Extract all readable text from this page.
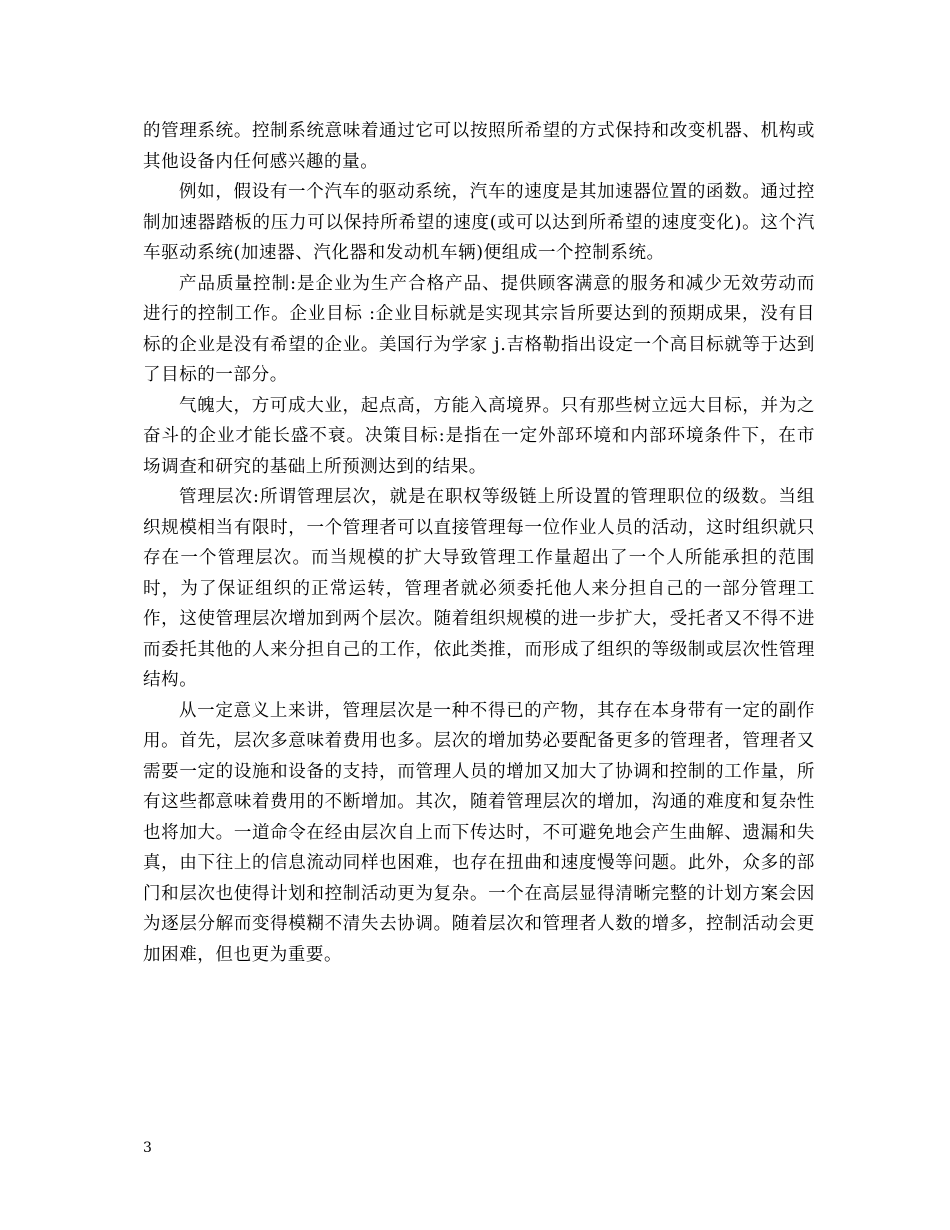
的管理系统。控制系统意味着通过它可以按照所希望的方式保持和改变机器、机构或其他设备内任何感兴趣的量。

例如，假设有一个汽车的驱动系统，汽车的速度是其加速器位置的函数。通过控制加速器踏板的压力可以保持所希望的速度(或可以达到所希望的速度变化)。这个汽车驱动系统(加速器、汽化器和发动机车辆)便组成一个控制系统。

产品质量控制:是企业为生产合格产品、提供顾客满意的服务和减少无效劳动而进行的控制工作。企业目标 :企业目标就是实现其宗旨所要达到的预期成果，没有目标的企业是没有希望的企业。美国行为学家 j.吉格勒指出设定一个高目标就等于达到了目标的一部分。

气魄大，方可成大业，起点高，方能入高境界。只有那些树立远大目标，并为之奋斗的企业才能长盛不衰。决策目标:是指在一定外部环境和内部环境条件下，在市场调查和研究的基础上所预测达到的结果。

管理层次:所谓管理层次，就是在职权等级链上所设置的管理职位的级数。当组织规模相当有限时，一个管理者可以直接管理每一位作业人员的活动，这时组织就只存在一个管理层次。而当规模的扩大导致管理工作量超出了一个人所能承担的范围时，为了保证组织的正常运转，管理者就必须委托他人来分担自己的一部分管理工作，这使管理层次增加到两个层次。随着组织规模的进一步扩大，受托者又不得不进而委托其他的人来分担自己的工作，依此类推，而形成了组织的等级制或层次性管理结构。

从一定意义上来讲，管理层次是一种不得已的产物，其存在本身带有一定的副作用。首先，层次多意味着费用也多。层次的增加势必要配备更多的管理者，管理者又需要一定的设施和设备的支持，而管理人员的增加又加大了协调和控制的工作量，所有这些都意味着费用的不断增加。其次，随着管理层次的增加，沟通的难度和复杂性也将加大。一道命令在经由层次自上而下传达时，不可避免地会产生曲解、遗漏和失真，由下往上的信息流动同样也困难，也存在扭曲和速度慢等问题。此外，众多的部门和层次也使得计划和控制活动更为复杂。一个在高层显得清晰完整的计划方案会因为逐层分解而变得模糊不清失去协调。随着层次和管理者人数的增多，控制活动会更加困难，但也更为重要。

3
